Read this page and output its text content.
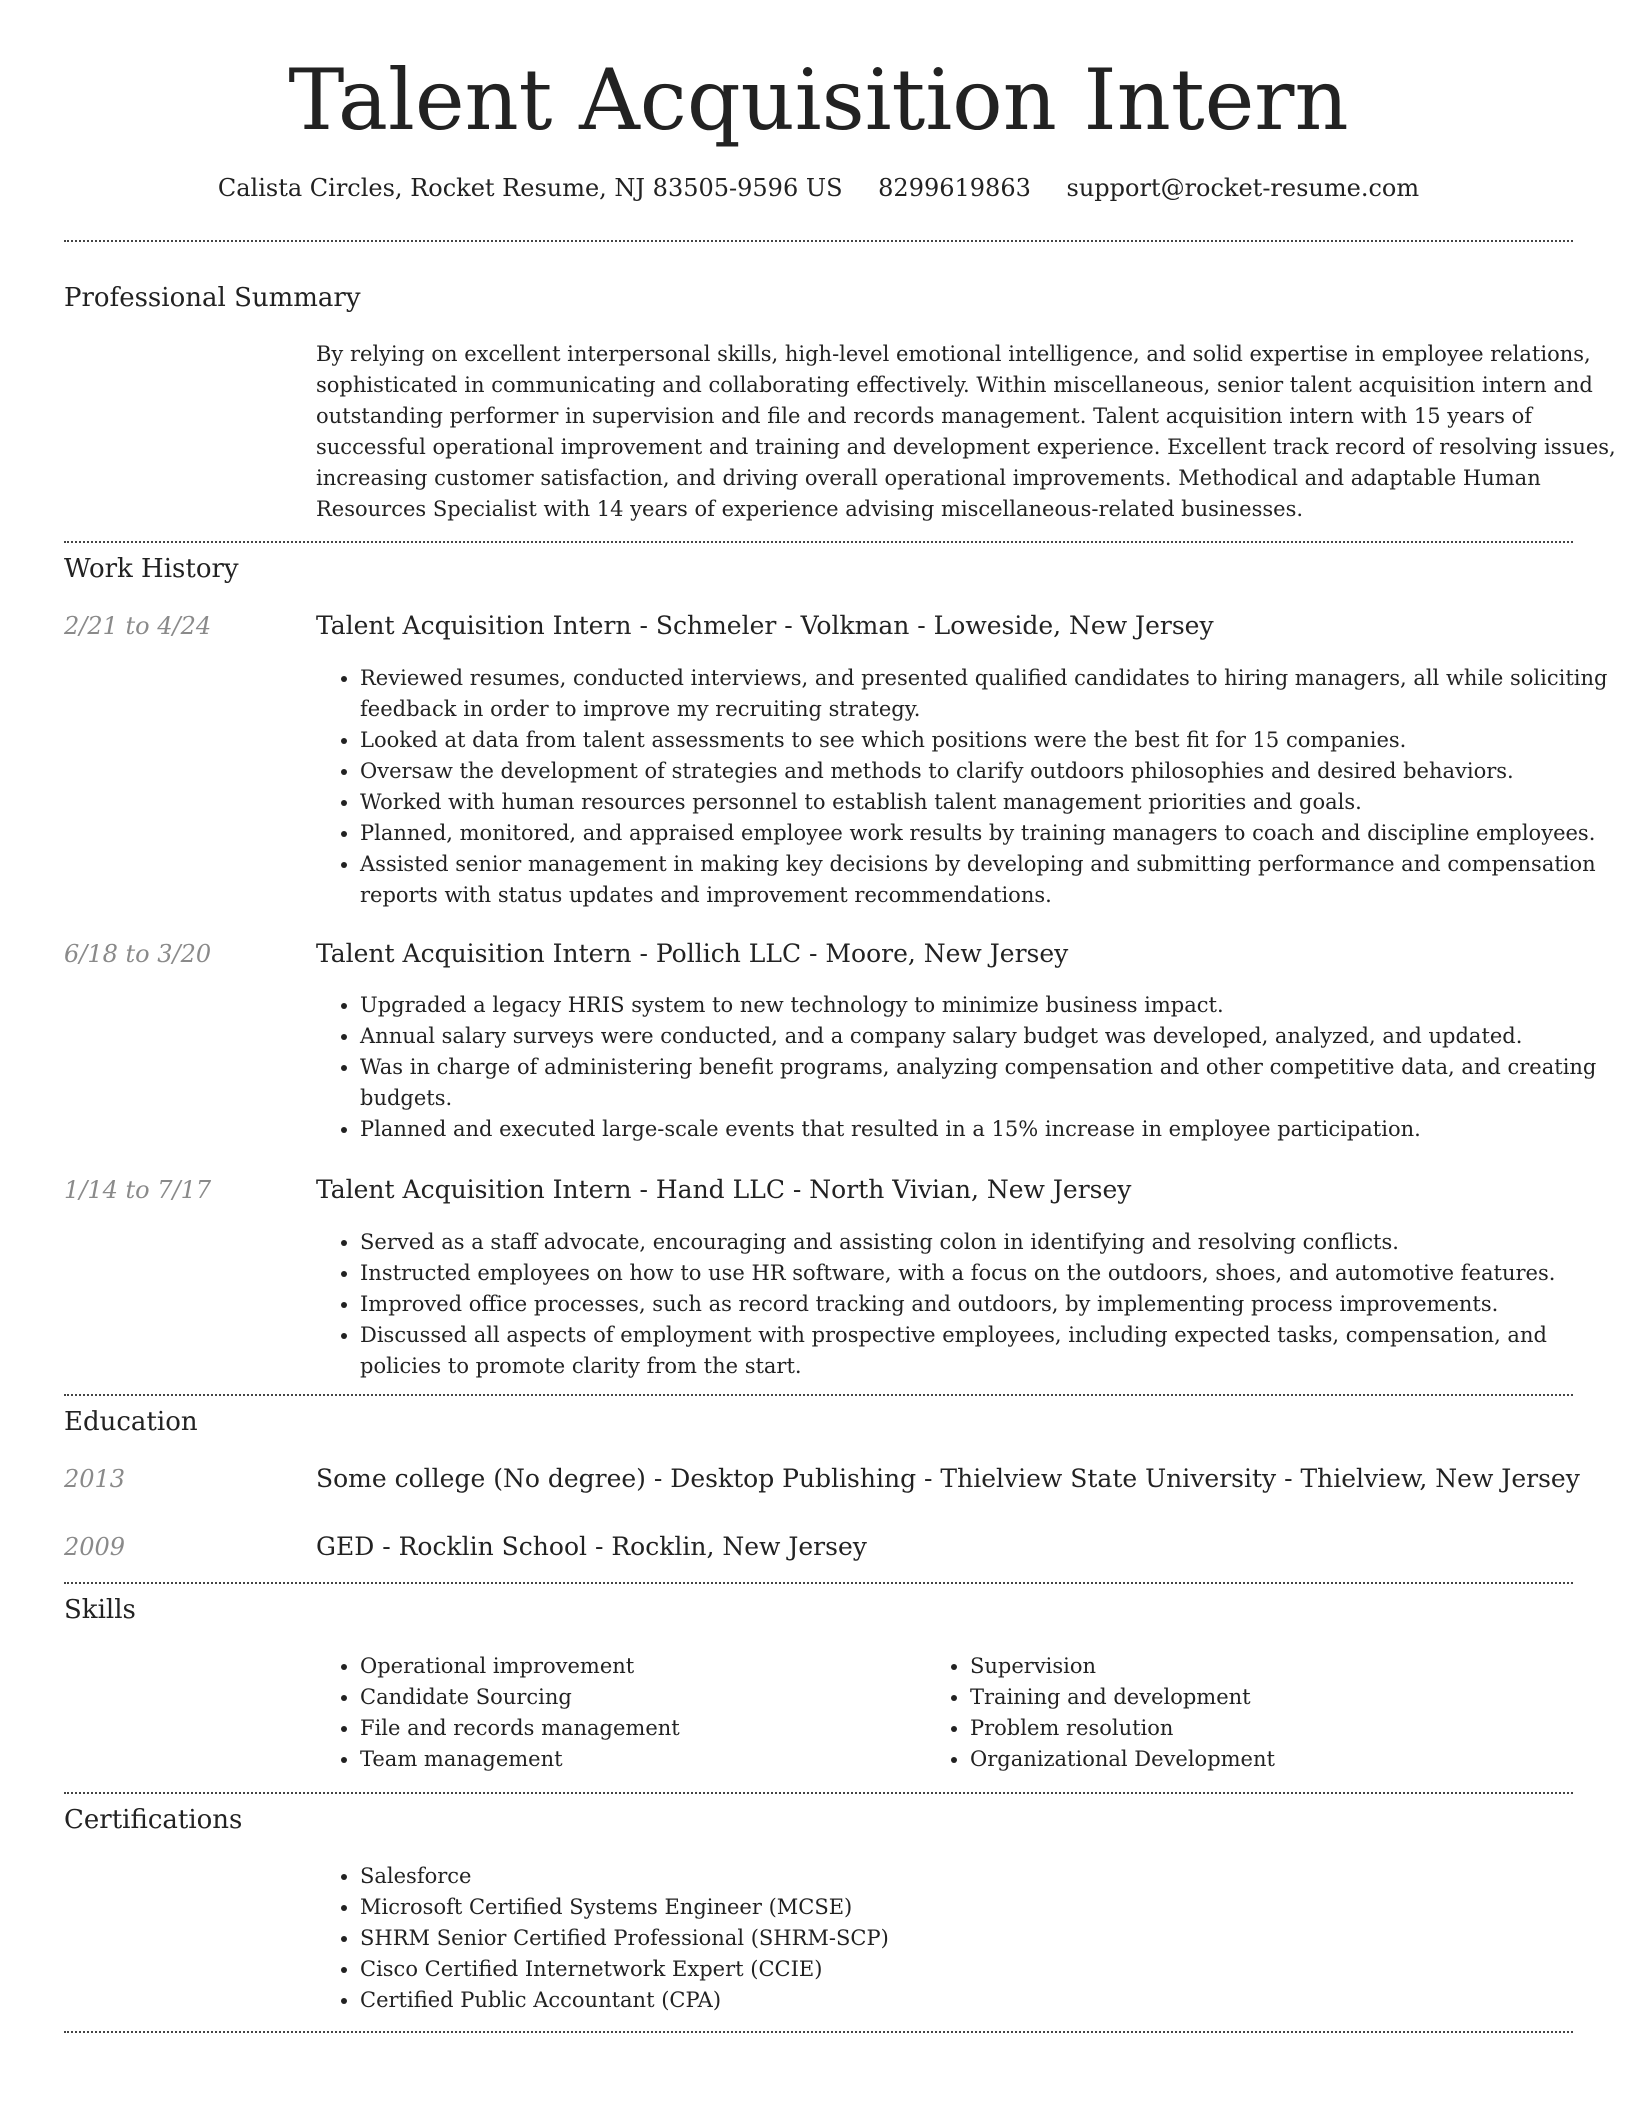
Talent Acquisition Intern
Calista Circles, Rocket Resume, NJ 83505-9596 US 8299619863 support@rocket-resume.com
Professional Summary
By relying on excellent interpersonal skills, high-level emotional intelligence, and solid expertise in employee relations, sophisticated in communicating and collaborating effectively. Within miscellaneous, senior talent acquisition intern and outstanding performer in supervision and file and records management. Talent acquisition intern with 15 years of successful operational improvement and training and development experience. Excellent track record of resolving issues, increasing customer satisfaction, and driving overall operational improvements. Methodical and adaptable Human Resources Specialist with 14 years of experience advising miscellaneous-related businesses.
Work History
2/21 to 4/24	Talent Acquisition Intern - Schmeler - Volkman - Loweside, New Jersey
• Reviewed resumes, conducted interviews, and presented qualified candidates to hiring managers, all while soliciting feedback in order to improve my recruiting strategy.
• Looked at data from talent assessments to see which positions were the best fit for 15 companies.
• Oversaw the development of strategies and methods to clarify outdoors philosophies and desired behaviors.
• Worked with human resources personnel to establish talent management priorities and goals.
• Planned, monitored, and appraised employee work results by training managers to coach and discipline employees.
• Assisted senior management in making key decisions by developing and submitting performance and compensation reports with status updates and improvement recommendations.
6/18 to 3/20	Talent Acquisition Intern - Pollich LLC - Moore, New Jersey
• Upgraded a legacy HRIS system to new technology to minimize business impact.
• Annual salary surveys were conducted, and a company salary budget was developed, analyzed, and updated.
• Was in charge of administering benefit programs, analyzing compensation and other competitive data, and creating budgets.
• Planned and executed large-scale events that resulted in a 15% increase in employee participation.
1/14 to 7/17	Talent Acquisition Intern - Hand LLC - North Vivian, New Jersey
• Served as a staff advocate, encouraging and assisting colon in identifying and resolving conflicts.
• Instructed employees on how to use HR software, with a focus on the outdoors, shoes, and automotive features.
• Improved office processes, such as record tracking and outdoors, by implementing process improvements.
• Discussed all aspects of employment with prospective employees, including expected tasks, compensation, and policies to promote clarity from the start.
Education
2013	Some college (No degree) - Desktop Publishing - Thielview State University - Thielview, New Jersey
2009	GED - Rocklin School - Rocklin, New Jersey
Skills
• Operational improvement
• Candidate Sourcing
• File and records management
• Team management
• Supervision
• Training and development
• Problem resolution
• Organizational Development
Certifications
• Salesforce
• Microsoft Certified Systems Engineer (MCSE)
• SHRM Senior Certified Professional (SHRM-SCP)
• Cisco Certified Internetwork Expert (CCIE)
• Certified Public Accountant (CPA)
